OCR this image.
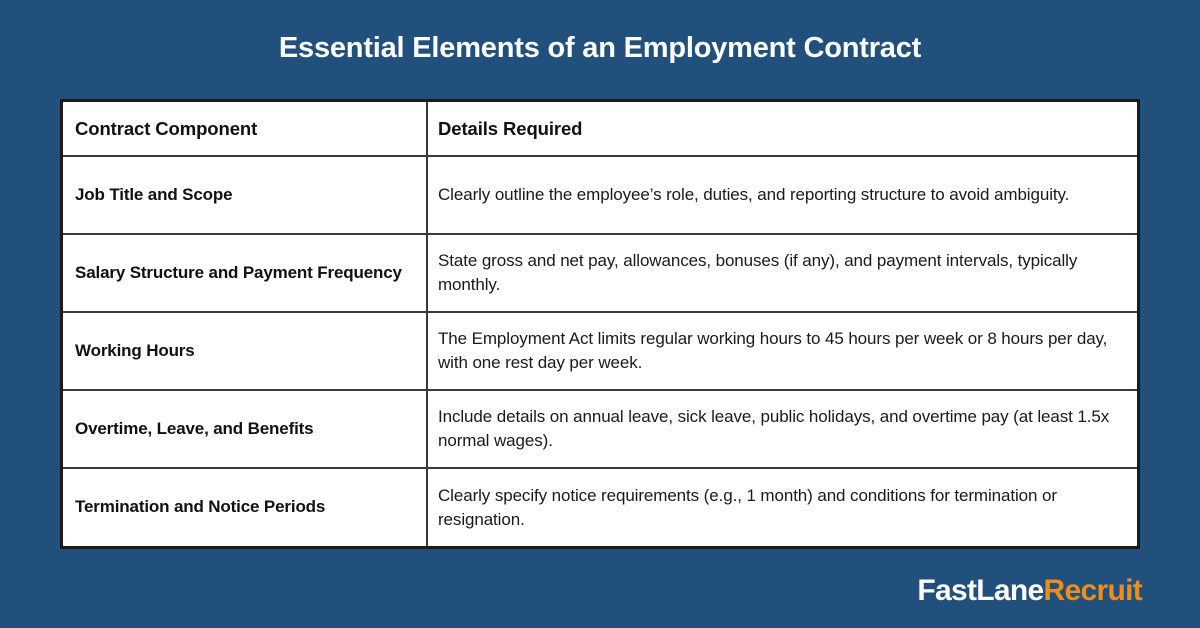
Essential Elements of an Employment Contract
Contract Component	Details Required
Job Title and Scope	Clearly outline the employee’s role, duties, and reporting structure to avoid ambiguity.
Salary Structure and Payment Frequency	State gross and net pay, allowances, bonuses (if any), and payment intervals, typically monthly.
Working Hours	The Employment Act limits regular working hours to 45 hours per week or 8 hours per day, with one rest day per week.
Overtime, Leave, and Benefits	Include details on annual leave, sick leave, public holidays, and overtime pay (at least 1.5x normal wages).
Termination and Notice Periods	Clearly specify notice requirements (e.g., 1 month) and conditions for termination or resignation.
FastLaneRecruit
